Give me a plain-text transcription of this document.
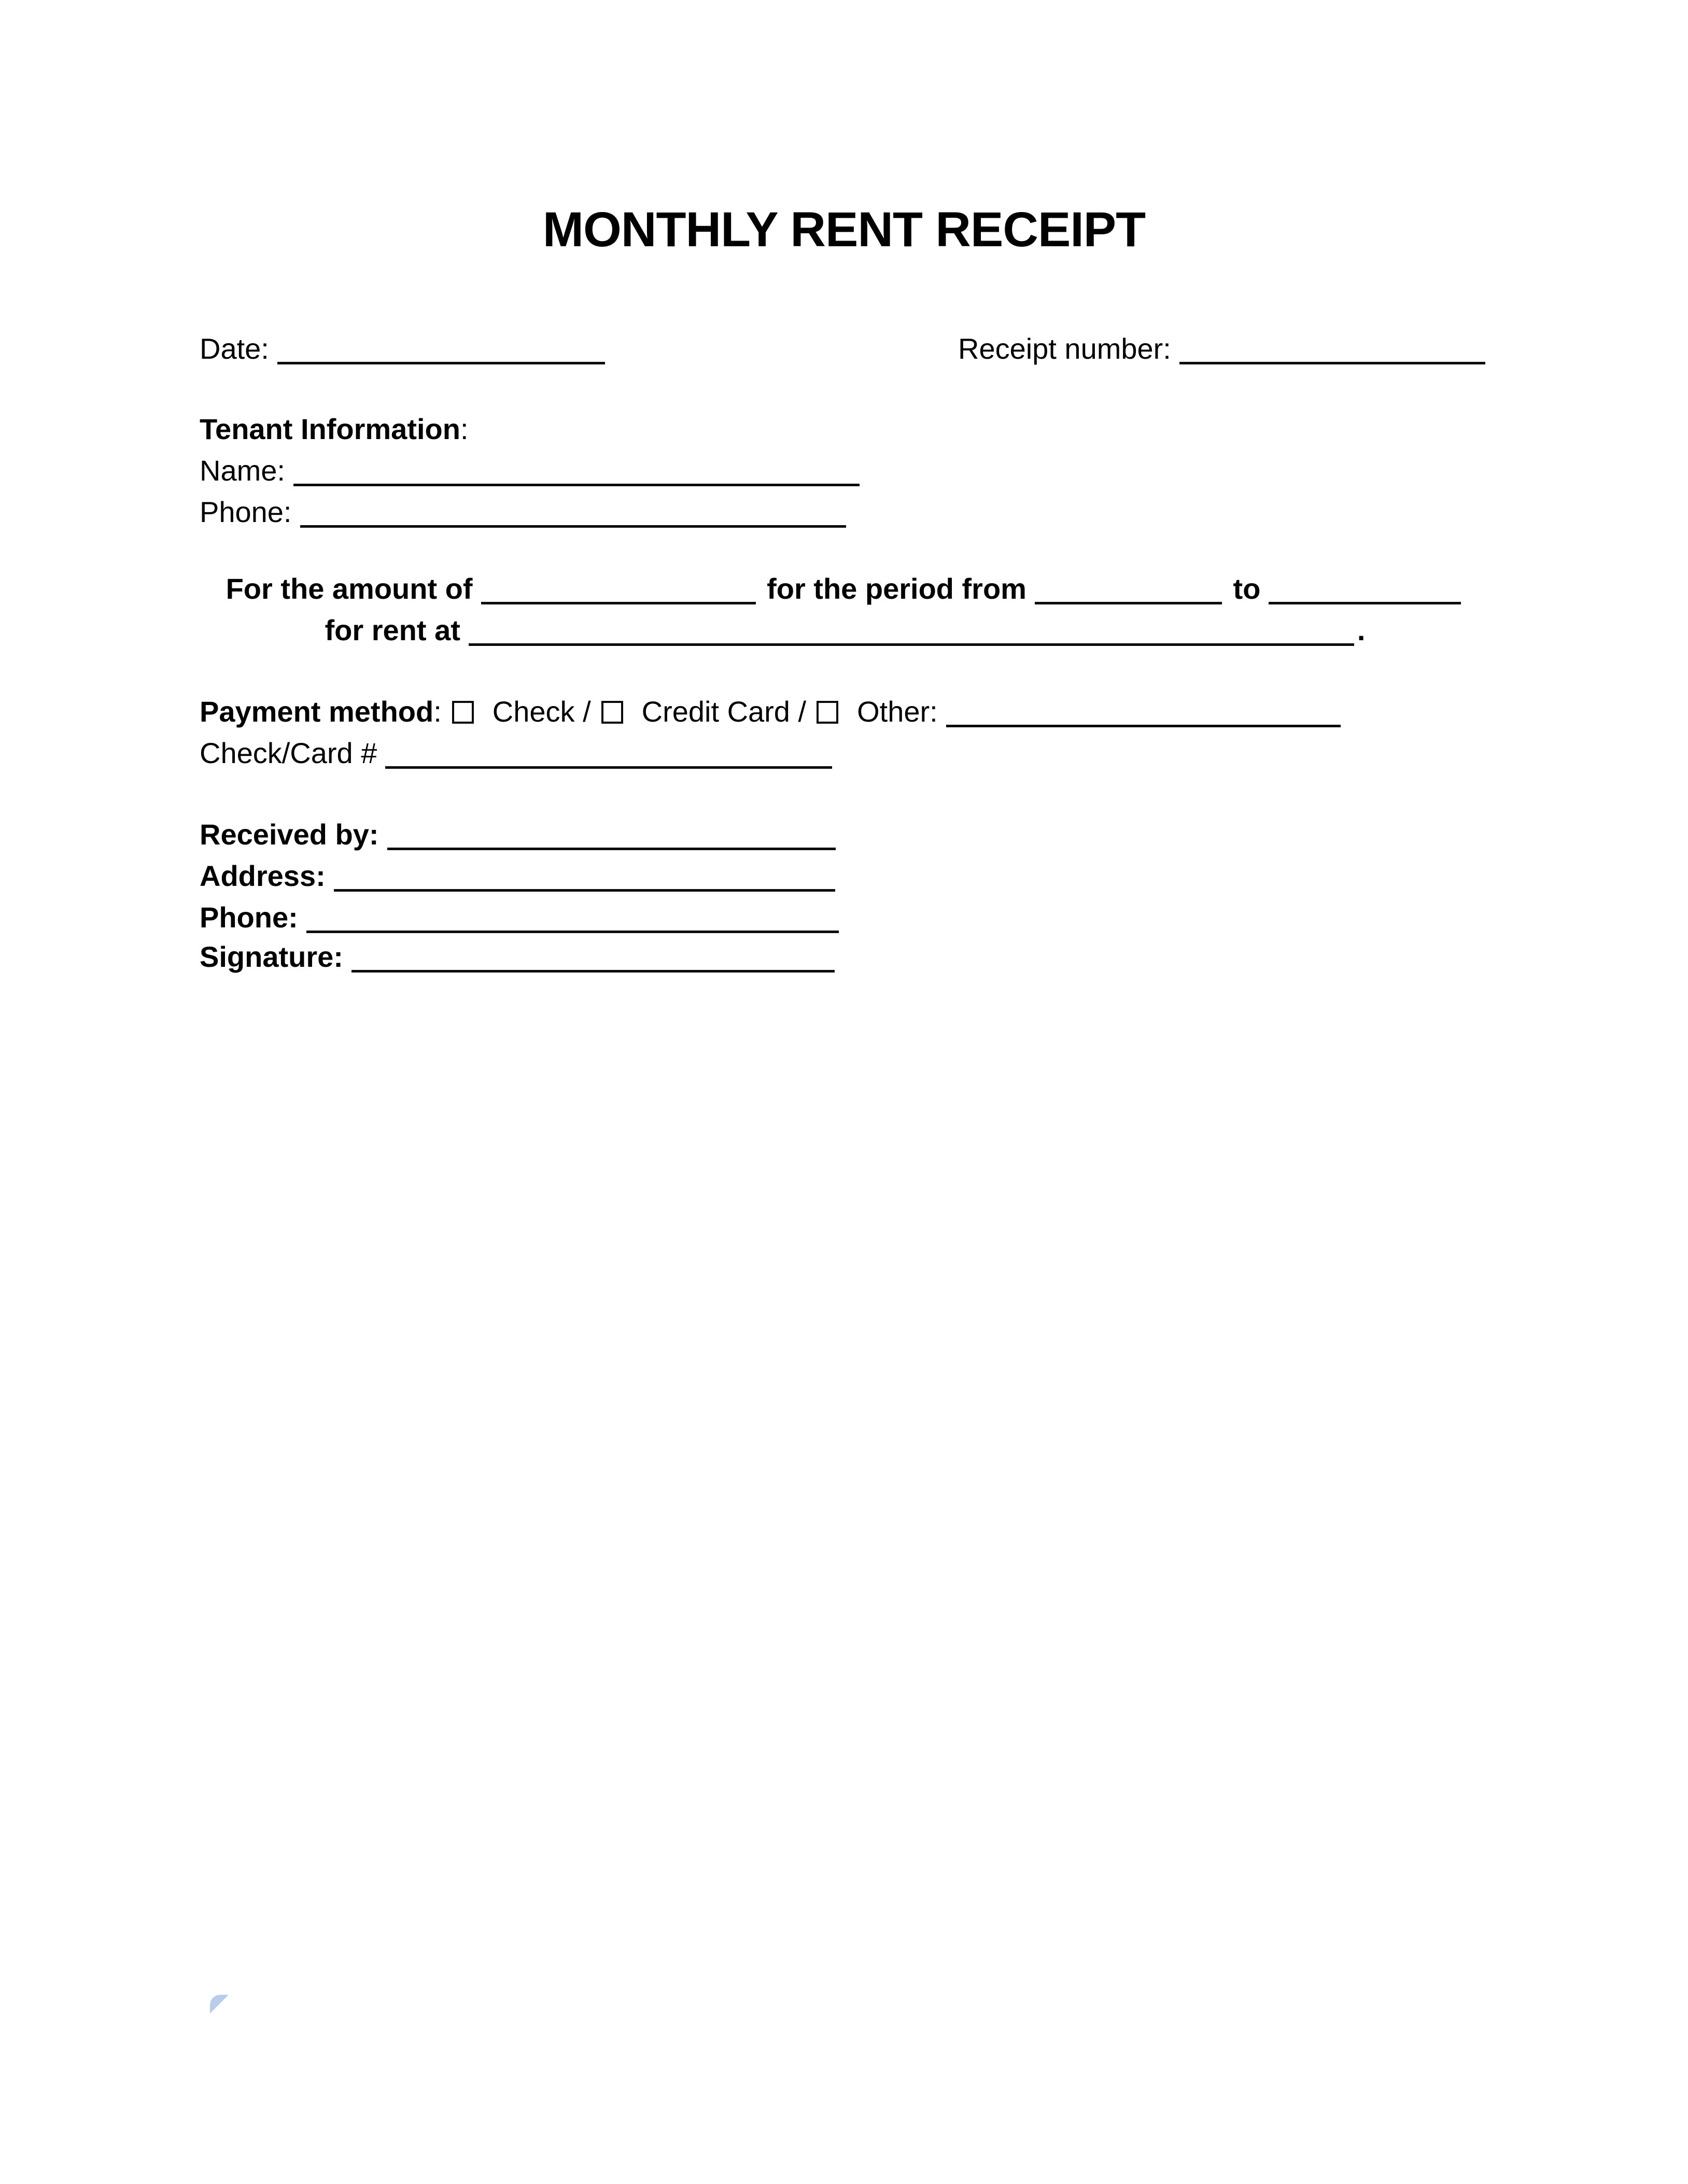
MONTHLY RENT RECEIPT
Date:	Receipt number:
Tenant Information:
Name:
Phone:
For the amount of	for the period from	to
for rent at	.
Payment method: Check / Credit Card / Other:
Check/Card #
Received by:
Address:
Phone:
Signature:
